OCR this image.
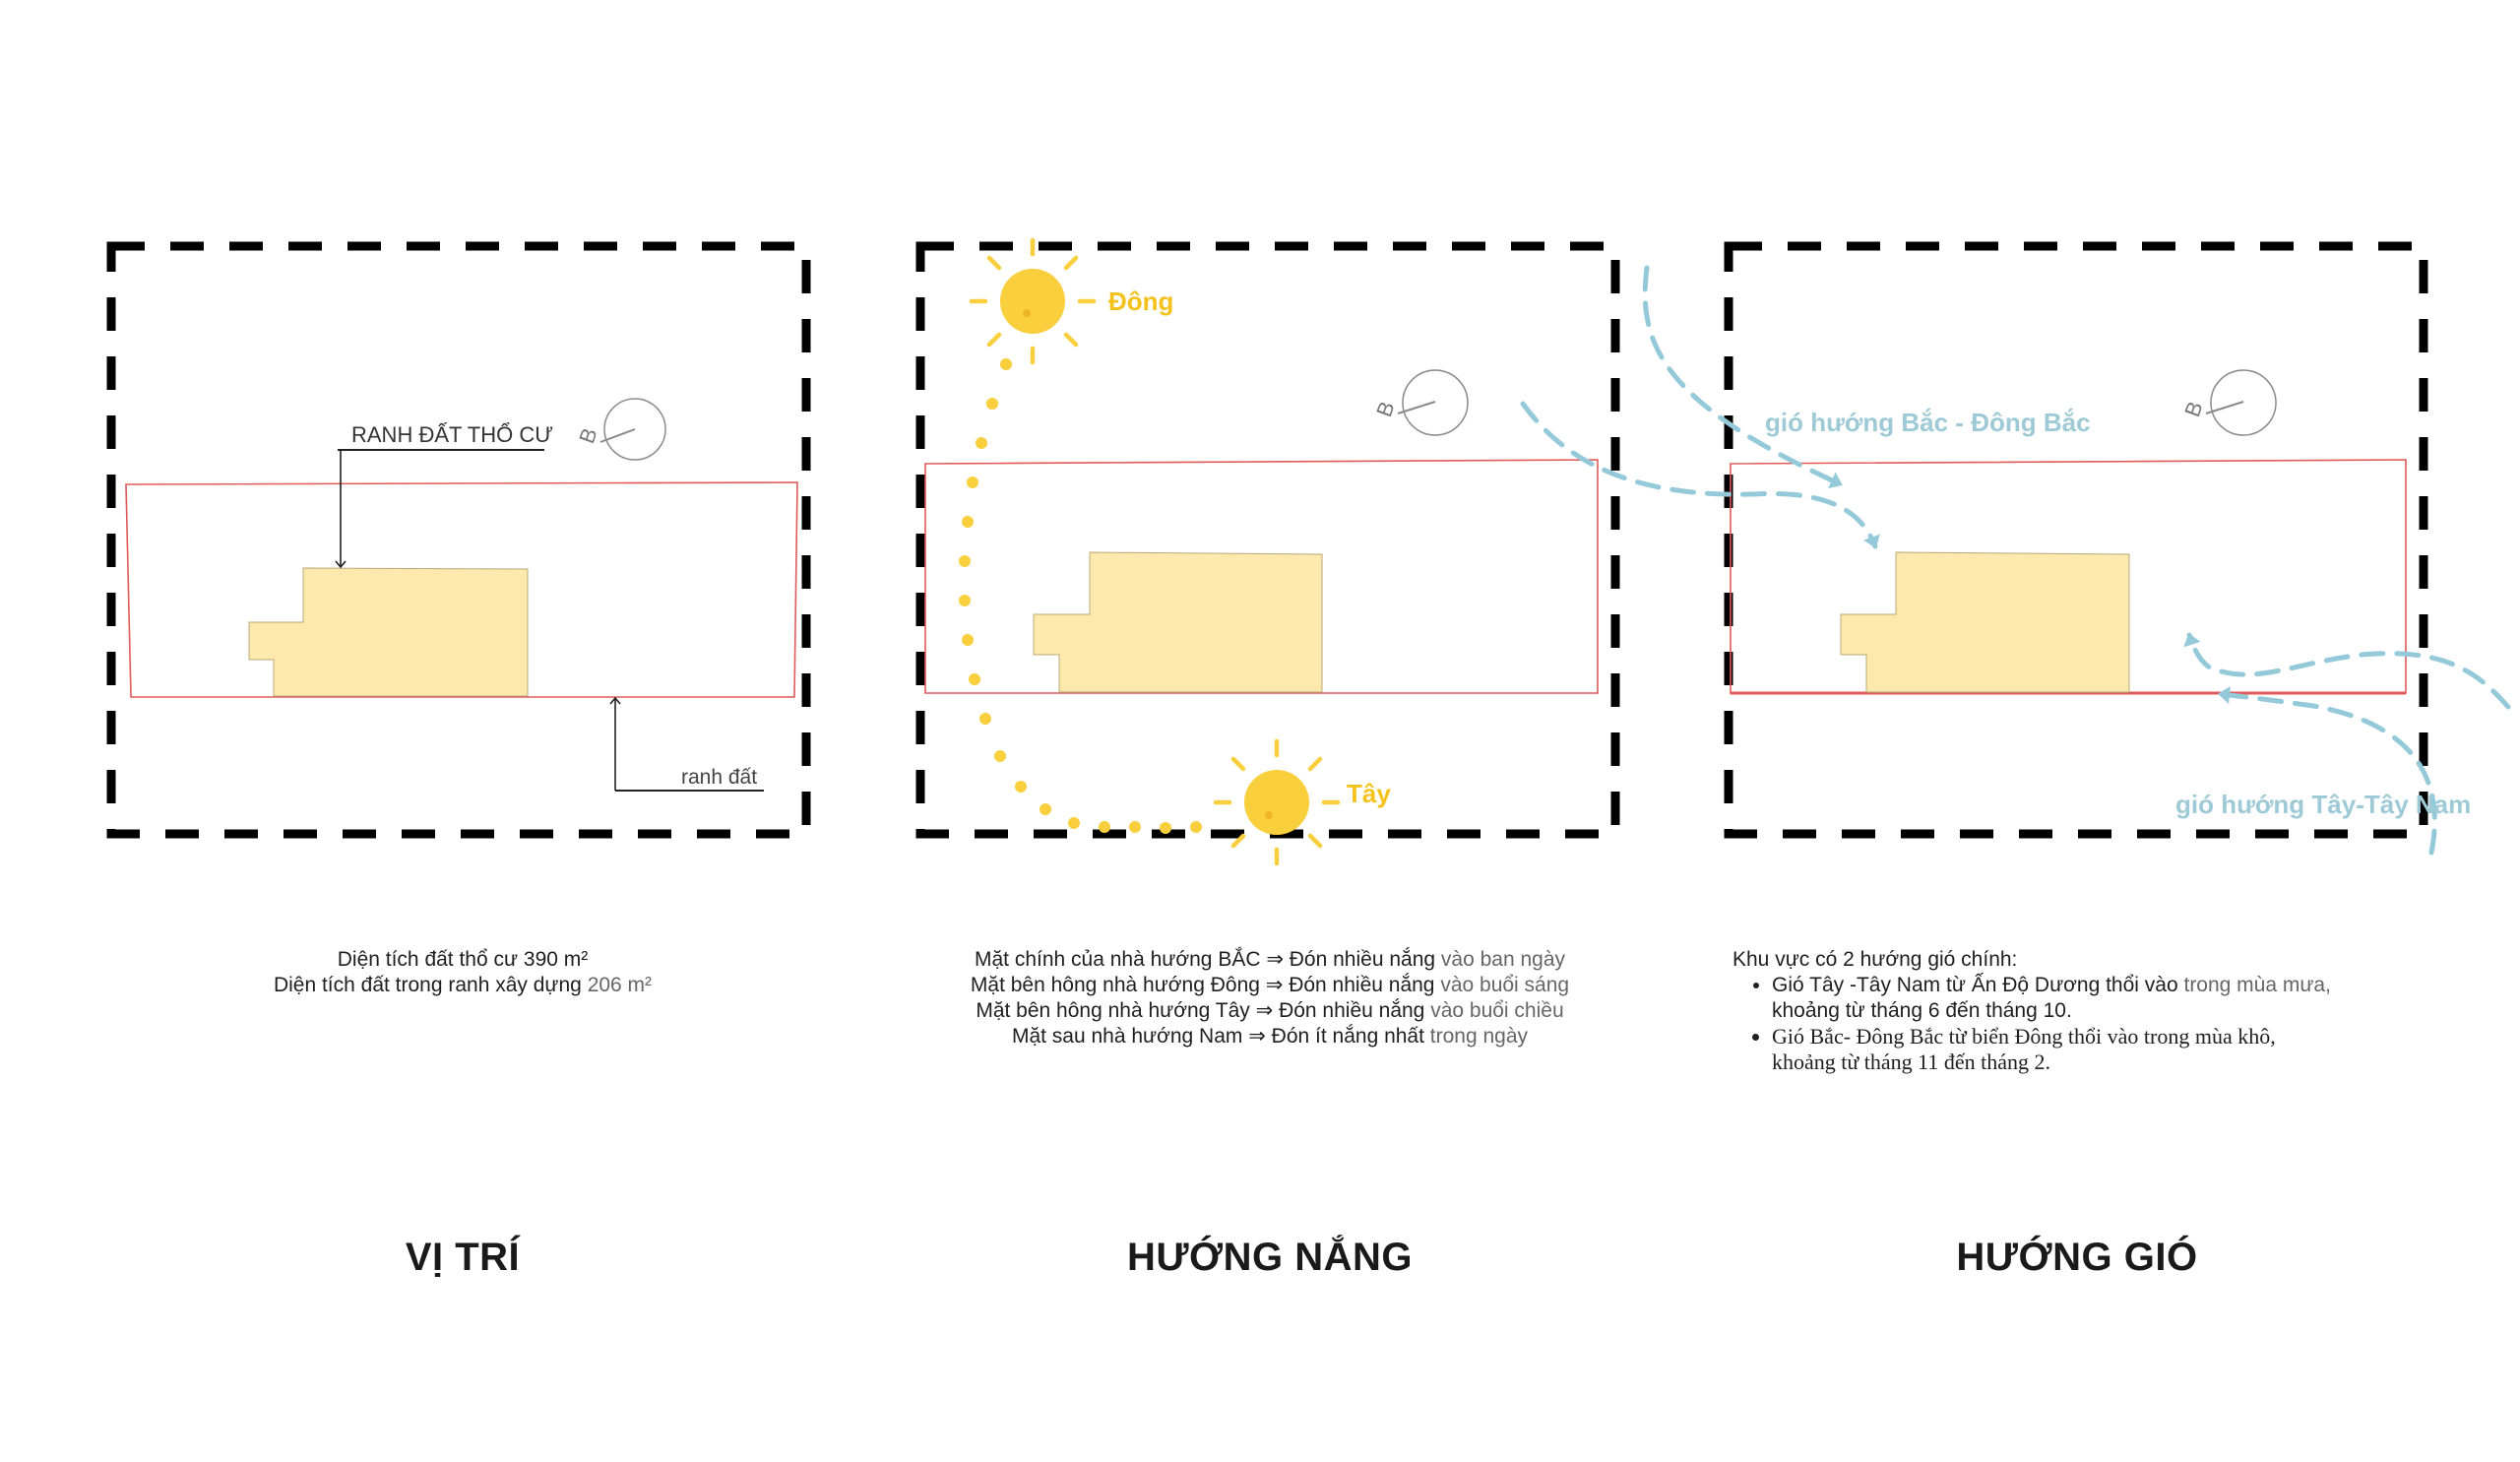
RANH ĐẤT THỔ CƯ
ranh đất
B
Đông
Tây
B	gió hướng Bắc - Đông Bắc
gió hướng Tây-Tây Nam
B
Diện tích đất thổ cư 390 m²
Diện tích đất trong ranh xây dựng 206 m²
Mặt chính của nhà hướng BẮC ⇒ Đón nhiều nắng vào ban ngày
Mặt bên hông nhà hướng Đông ⇒ Đón nhiều nắng vào buổi sáng
Mặt bên hông nhà hướng Tây ⇒ Đón nhiều nắng vào buổi chiều
Mặt sau nhà hướng Nam ⇒ Đón ít nắng nhất trong ngày
Khu vực có 2 hướng gió chính:
• Gió Tây -Tây Nam từ Ấn Độ Dương thổi vào trong mùa mưa,
khoảng từ tháng 6 đến tháng 10.
• Gió Bắc- Đông Bắc từ biển Đông thổi vào trong mùa khô,
khoảng từ tháng 11 đến tháng 2.
VỊ TRÍ	HƯỚNG NẮNG	HƯỚNG GIÓ
